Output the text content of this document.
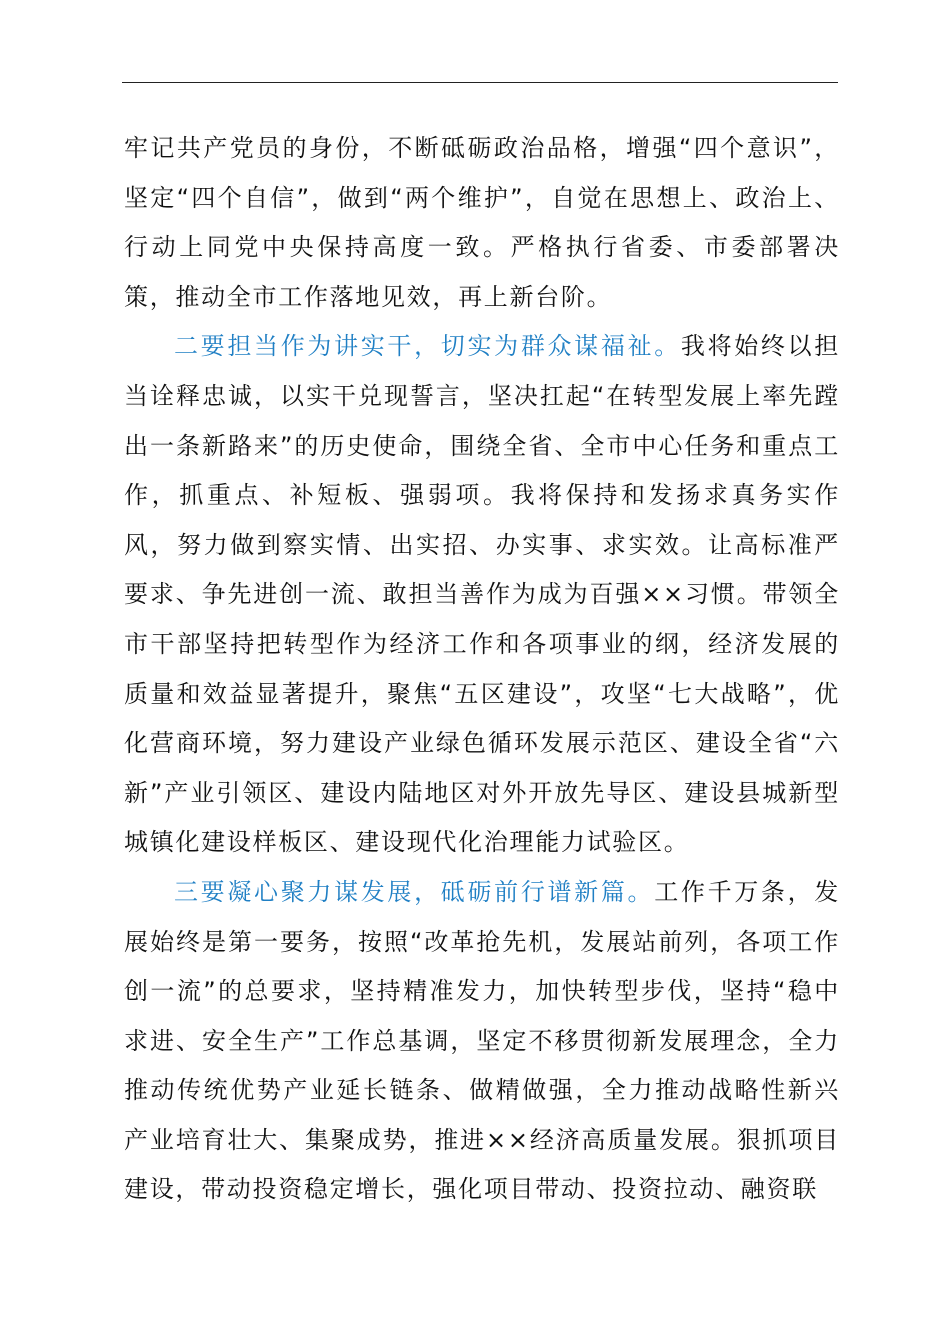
牢记共产党员的身份，不断砥砺政治品格，增强“四个意识”，坚定“四个自信”，做到“两个维护”，自觉在思想上、政治上、行动上同党中央保持高度一致。严格执行省委、市委部署决策，推动全市工作落地见效，再上新台阶。

二要担当作为讲实干，切实为群众谋福祉。我将始终以担当诠释忠诚，以实干兑现誓言，坚决扛起“在转型发展上率先蹚出一条新路来”的历史使命，围绕全省、全市中心任务和重点工作，抓重点、补短板、强弱项。我将保持和发扬求真务实作风，努力做到察实情、出实招、办实事、求实效。让高标准严要求、争先进创一流、敢担当善作为成为百强××习惯。带领全市干部坚持把转型作为经济工作和各项事业的纲，经济发展的质量和效益显著提升，聚焦“五区建设”，攻坚“七大战略”，优化营商环境，努力建设产业绿色循环发展示范区、建设全省“六新”产业引领区、建设内陆地区对外开放先导区、建设县城新型城镇化建设样板区、建设现代化治理能力试验区。

三要凝心聚力谋发展，砥砺前行谱新篇。工作千万条，发展始终是第一要务，按照“改革抢先机，发展站前列，各项工作创一流”的总要求，坚持精准发力，加快转型步伐，坚持“稳中求进、安全生产”工作总基调，坚定不移贯彻新发展理念，全力推动传统优势产业延长链条、做精做强，全力推动战略性新兴产业培育壮大、集聚成势，推进××经济高质量发展。狠抓项目建设，带动投资稳定增长，强化项目带动、投资拉动、融资联
